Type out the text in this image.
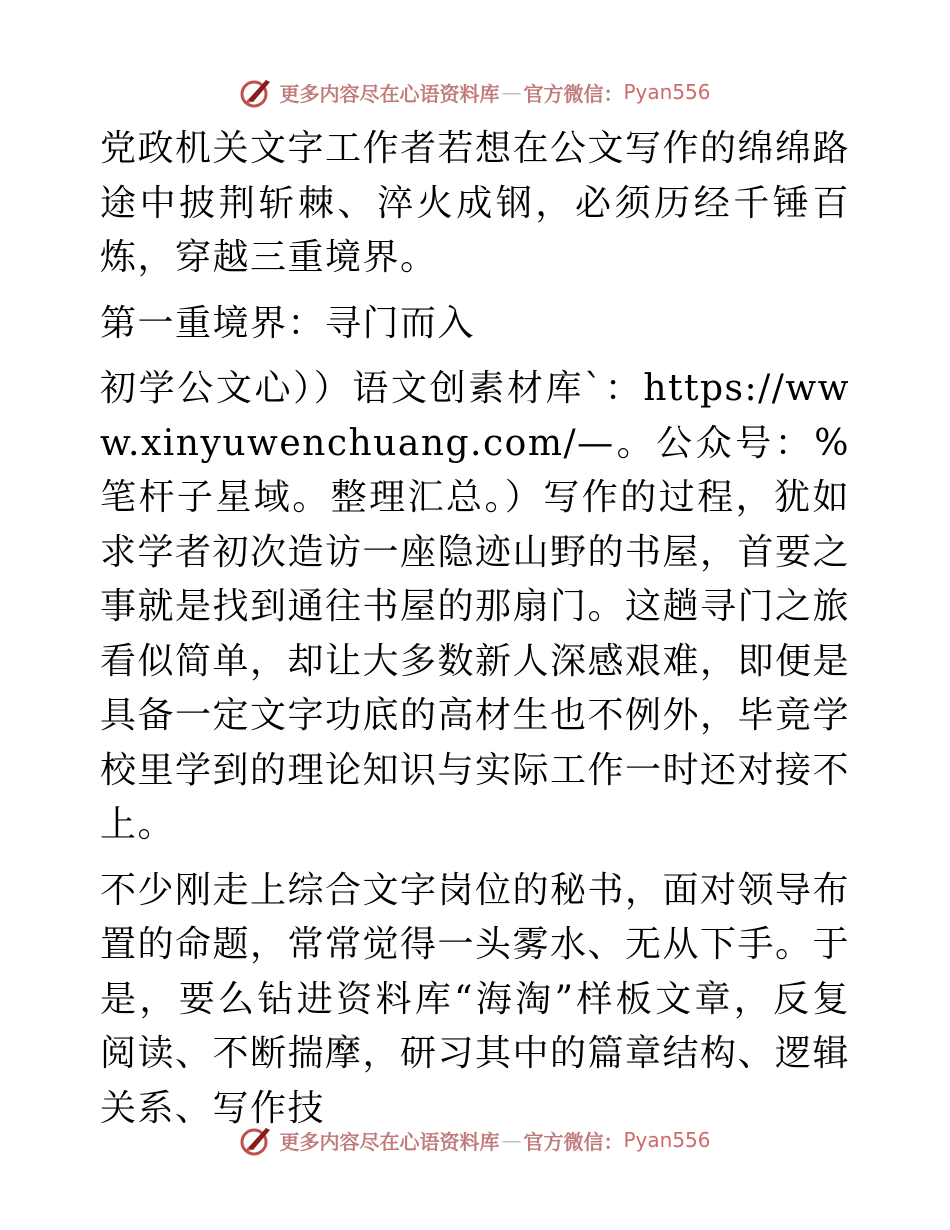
更多内容尽在心语资料库 — 官方微信： Pyan556

党政机关文字工作者若想在公文写作的绵绵路途中披荆斩棘、淬火成钢，必须历经千锤百炼，穿越三重境界。

第一重境界：寻门而入

初学公文心））语文创素材库`：https://www.xinyuwenchuang.com/—。公众号：%笔杆子星域。整理汇总。）写作的过程，犹如求学者初次造访一座隐迹山野的书屋，首要之事就是找到通往书屋的那扇门。这趟寻门之旅看似简单，却让大多数新人深感艰难，即便是具备一定文字功底的高材生也不例外，毕竟学校里学到的理论知识与实际工作一时还对接不上。

不少刚走上综合文字岗位的秘书，面对领导布置的命题，常常觉得一头雾水、无从下手。于是，要么钻进资料库“海淘”样板文章，反复阅读、不断揣摩，研习其中的篇章结构、逻辑关系、写作技

更多内容尽在心语资料库 — 官方微信： Pyan556
